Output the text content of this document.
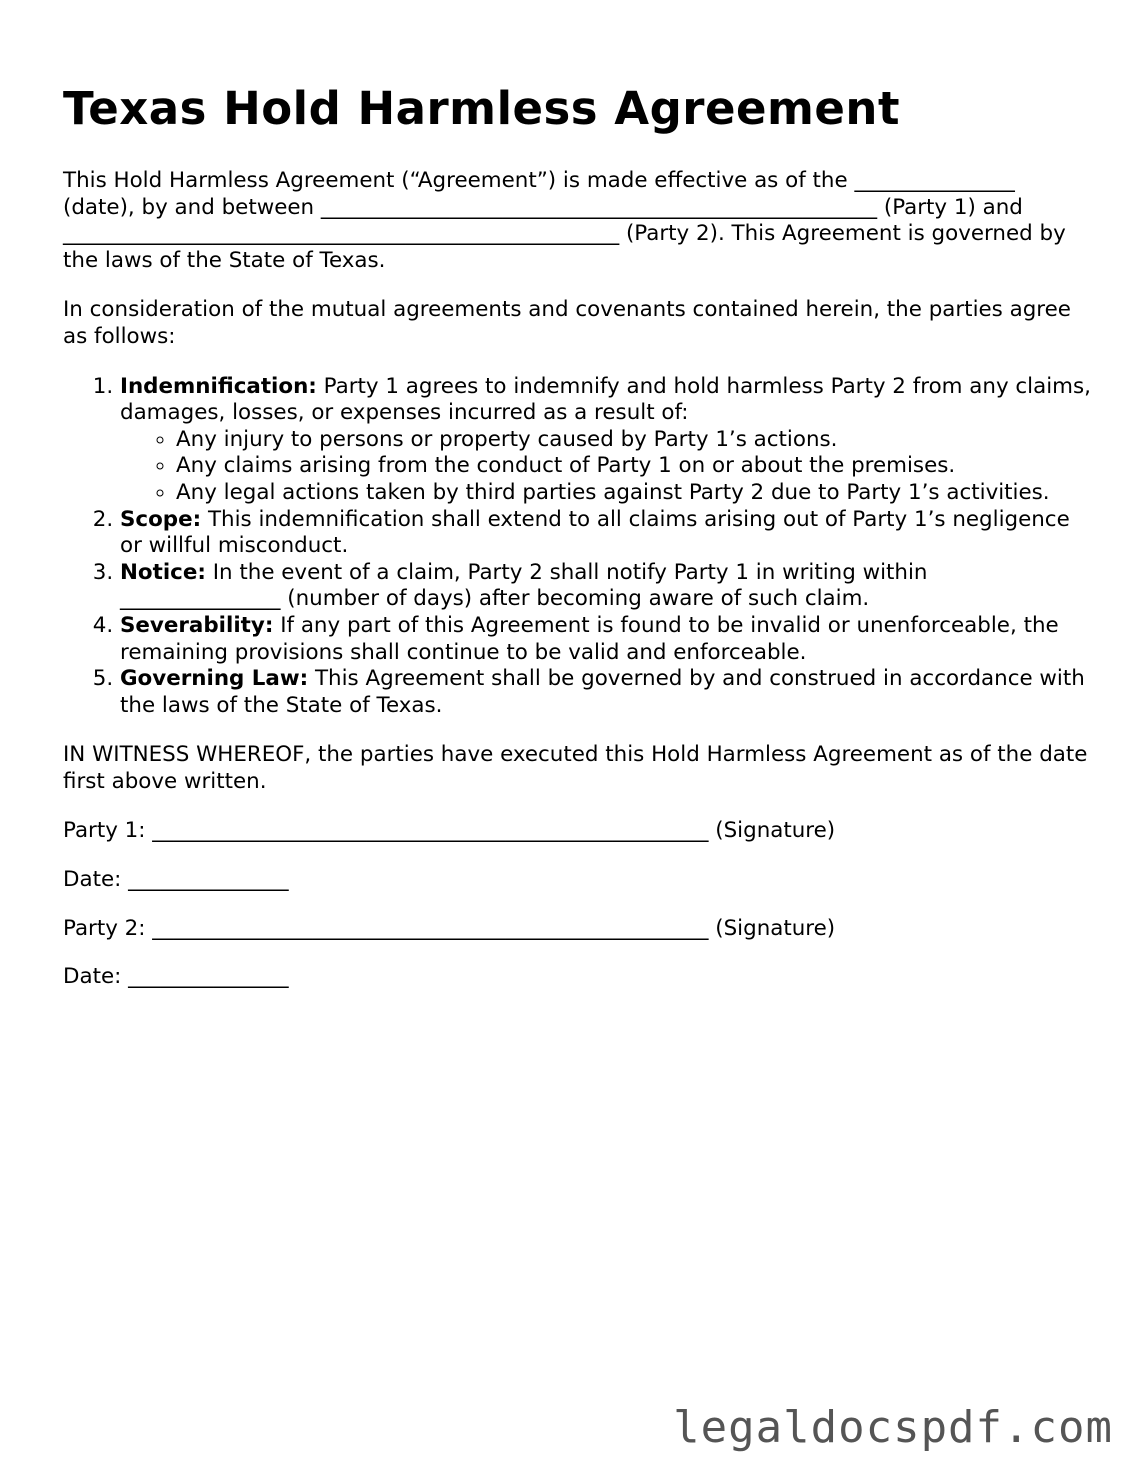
Texas Hold Harmless Agreement

This Hold Harmless Agreement (“Agreement”) is made effective as of the _______________ (date), by and between ____________________________________________________ (Party 1) and ____________________________________________________ (Party 2). This Agreement is governed by the laws of the State of Texas.

In consideration of the mutual agreements and covenants contained herein, the parties agree as follows:

1. Indemnification: Party 1 agrees to indemnify and hold harmless Party 2 from any claims, damages, losses, or expenses incurred as a result of:
◦ Any injury to persons or property caused by Party 1’s actions.
◦ Any claims arising from the conduct of Party 1 on or about the premises.
◦ Any legal actions taken by third parties against Party 2 due to Party 1’s activities.
2. Scope: This indemnification shall extend to all claims arising out of Party 1’s negligence or willful misconduct.
3. Notice: In the event of a claim, Party 2 shall notify Party 1 in writing within _______________ (number of days) after becoming aware of such claim.
4. Severability: If any part of this Agreement is found to be invalid or unenforceable, the remaining provisions shall continue to be valid and enforceable.
5. Governing Law: This Agreement shall be governed by and construed in accordance with the laws of the State of Texas.

IN WITNESS WHEREOF, the parties have executed this Hold Harmless Agreement as of the date first above written.

Party 1: ____________________________________________________ (Signature)

Date: _______________

Party 2: ____________________________________________________ (Signature)

Date: _______________

legaldocspdf.com
